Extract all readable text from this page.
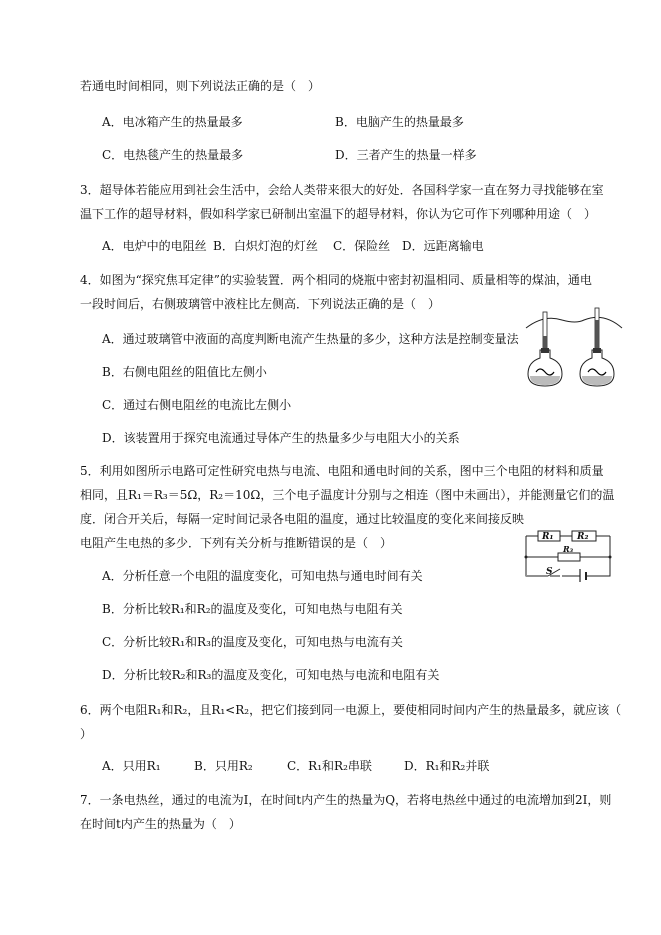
若通电时间相同，则下列说法正确的是（　）
A．电冰箱产生的热量最多	B．电脑产生的热量最多
C．电热毯产生的热量最多	D．三者产生的热量一样多
3．超导体若能应用到社会生活中，会给人类带来很大的好处．各国科学家一直在努力寻找能够在室
温下工作的超导材料，假如科学家已研制出室温下的超导材料，你认为它可作下列哪种用途（　）
A．电炉中的电阻丝 B．白炽灯泡的灯丝 C．保险丝 D．远距离输电
4．如图为“探究焦耳定律”的实验装置．两个相同的烧瓶中密封初温相同、质量相等的煤油，通电
一段时间后，右侧玻璃管中液柱比左侧高．下列说法正确的是（　）
A．通过玻璃管中液面的高度判断电流产生热量的多少，这种方法是控制变量法
B．右侧电阻丝的阻值比左侧小
C．通过右侧电阻丝的电流比左侧小
D．该装置用于探究电流通过导体产生的热量多少与电阻大小的关系
5．利用如图所示电路可定性研究电热与电流、电阻和通电时间的关系，图中三个电阻的材料和质量
相同，且R₁＝R₃＝5Ω，R₂＝10Ω，三个电子温度计分别与之相连（图中未画出），并能测量它们的温
度．闭合开关后，每隔一定时间记录各电阻的温度，通过比较温度的变化来间接反映
电阻产生电热的多少．下列有关分析与推断错误的是（　）
A．分析任意一个电阻的温度变化，可知电热与通电时间有关
B．分析比较R₁和R₂的温度及变化，可知电热与电阻有关
C．分析比较R₁和R₃的温度及变化，可知电热与电流有关
D．分析比较R₂和R₃的温度及变化，可知电热与电流和电阻有关
R₁	R₂
R₃
S
6．两个电阻R₁和R₂，且R₁<R₂，把它们接到同一电源上，要使相同时间内产生的热量最多，就应该（
）
A．只用R₁	B．只用R₂	C．R₁和R₂串联	D．R₁和R₂并联
7．一条电热丝，通过的电流为I，在时间t内产生的热量为Q，若将电热丝中通过的电流增加到2I，则
在时间t内产生的热量为（　）
